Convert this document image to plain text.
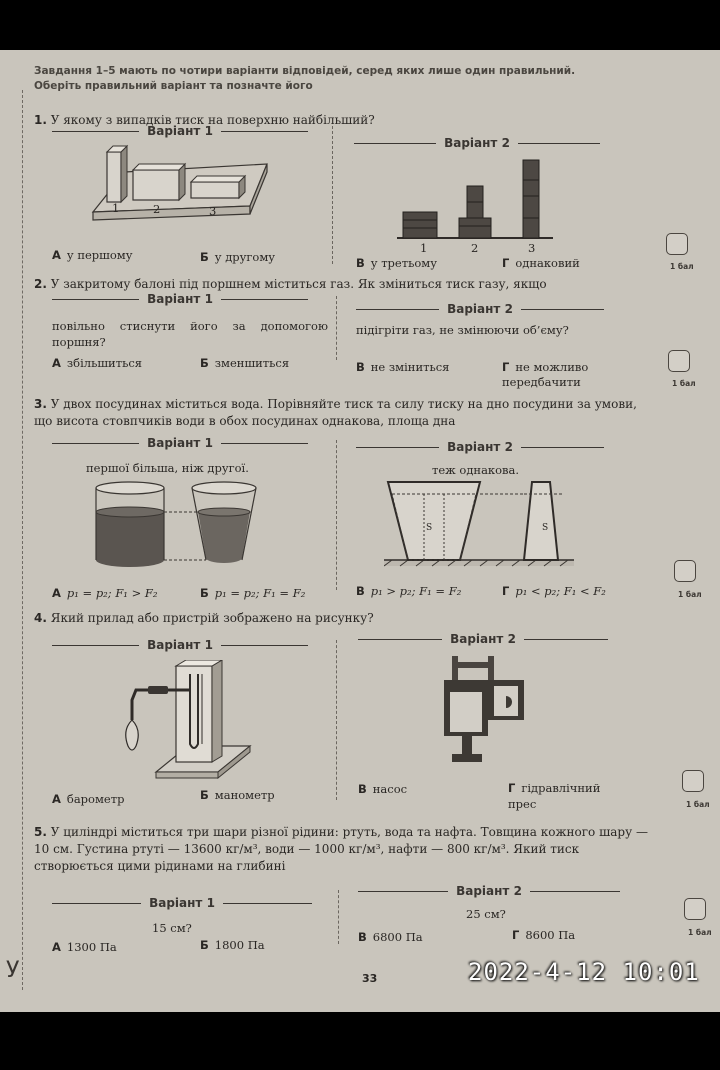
Завдання 1–5 мають по чотири варіанти відповідей, серед яких лише один правильний.
Оберіть правильний варіант та позначте його
1. У якому з випадків тиск на поверхню найбільший?
Варіант 1
Варіант 2
1	2	3
1	2	3
А у першому	Б у другому	В у третьому	Г однаковий	1 бал
2. У закритому балоні під поршнем міститься газ. Як зміниться тиск газу, якщо
Варіант 1
Варіант 2
повільно стиснути його за допомогою поршня?
підігріти газ, не змінюючи об’єму?
А збільшиться	Б зменшиться	В не зміниться	Г не можливо передбачити	1 бал
3. У двох посудинах міститься вода. Порівняйте тиск та силу тиску на дно посудини за умови, що висота стовпчиків води в обох посудинах однакова, площа дна
Варіант 1	Варіант 2
першої більша, ніж другої.	теж однакова.
S	S
А p₁ = p₂; F₁ > F₂	Б p₁ = p₂; F₁ = F₂	В p₁ > p₂; F₁ = F₂	Г p₁ < p₂; F₁ < F₂	1 бал
4. Який прилад або пристрій зображено на рисунку?
Варіант 1	Варіант 2
А барометр	Б манометр	В насос	Г гідравлічний прес	1 бал
5. У циліндрі міститься три шари різної рідини: ртуть, вода та нафта. Товщина кожного шару — 10 см. Густина ртуті — 13600 кг/м³, води — 1000 кг/м³, нафти — 800 кг/м³. Який тиск створюється цими рідинами на глибині
Варіант 1
Варіант 2
15 см?
25 см?
А 1300 Па	Б 1800 Па
В 6800 Па	Г 8600 Па	1 бал
У	33	2022-4-12 10:01
